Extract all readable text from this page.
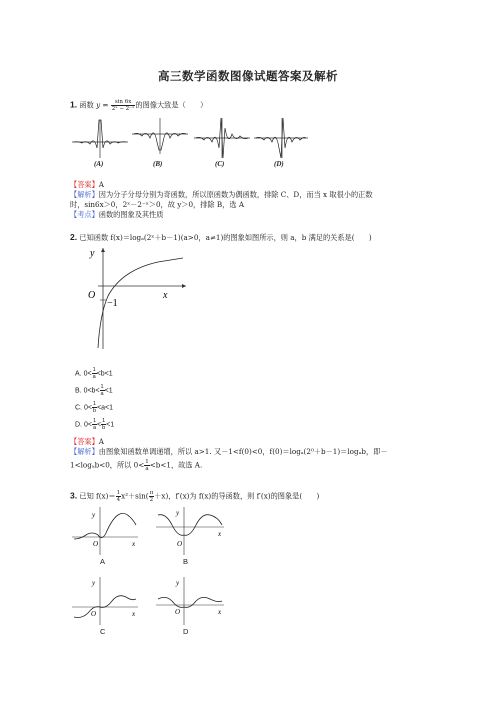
高三数学函数图像试题答案及解析
1. 函数 $y = \frac{\sin 6x}{\text{2ˣ − 2⁻ˣ}}$ 的图像大致是（　　）
(A)	(B)	(C)	(D)
【答案】A
【解析】因为分子分母分别为奇函数，所以原函数为偶函数，排除 C、D，而当 x 取很小的正数
时，sin6x＞0，2ˣ－2⁻ˣ＞0，故 y＞0，排除 B，选 A
【考点】函数的图象及其性质
2. 已知函数 f(x)＝logₐ(2ˣ＋b－1)(a>0，a≠1)的图象如图所示，则 a，b 满足的关系是(　　)
y
x
O
−1
A. $0< \frac{1}{a} <b<1$
B. $0<b< \frac{1}{a} <1$
C. $0< \frac{1}{b} <a<1$
D. $0< \frac{1}{a} < \frac{1}{b} <1$
【答案】A
【解析】由图象知函数单调递增，所以 a>1. 又－1<f(0)<0，f(0)＝logₐ(2⁰＋b－1)＝logₐb，即－
1<logₐb<0，所以 $0< \frac{1}{a} <b<1$，故选 A.
3. 已知 $f(x)= \frac{1}{4} x^2+\sin( \frac{\pi}{2} +x)$，f′(x)为 f(x)的导函数，则 f′(x)的图象是(　　)
y
x
O
y
x
O
y
x
O
y
x
O
A	B
C	D
